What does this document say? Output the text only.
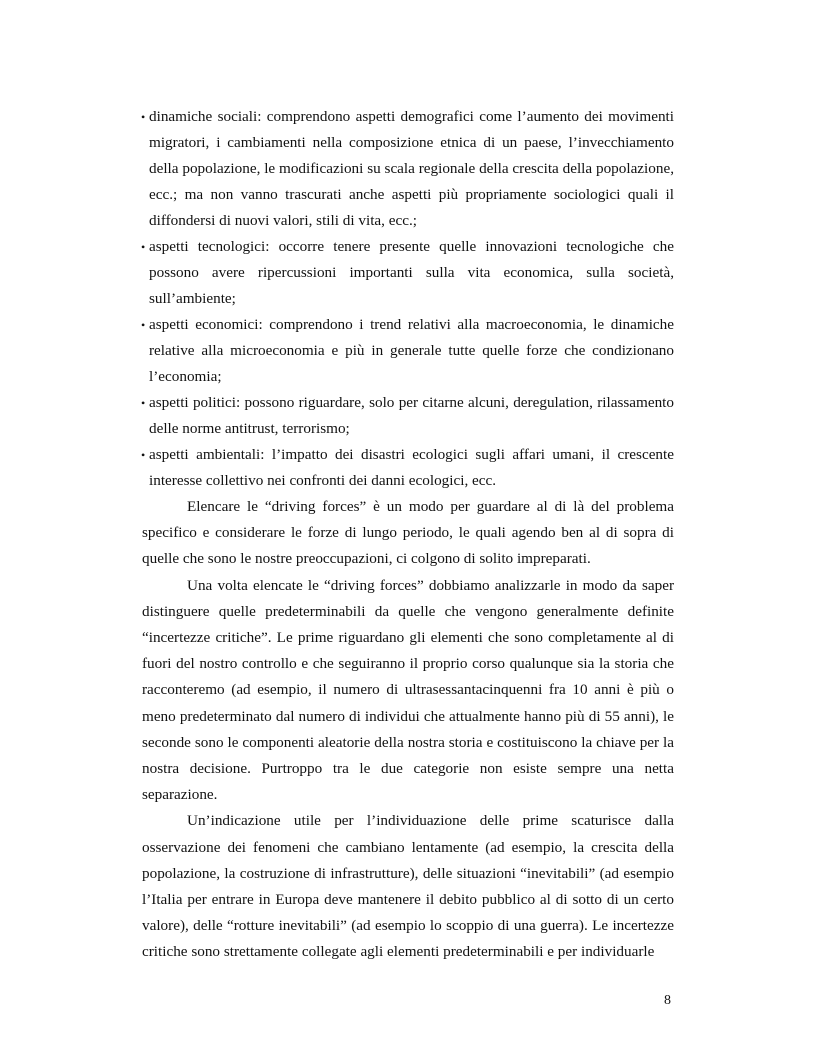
• dinamiche sociali: comprendono aspetti demografici come l’aumento dei movimenti migratori, i cambiamenti nella composizione etnica di un paese, l’invecchiamento della popolazione, le modificazioni su scala regionale della crescita della popolazione, ecc.; ma non vanno trascurati anche aspetti più propriamente sociologici quali il diffondersi di nuovi valori, stili di vita, ecc.;
• aspetti tecnologici: occorre tenere presente quelle innovazioni tecnologiche che possono avere ripercussioni importanti sulla vita economica, sulla società, sull’ambiente;
• aspetti economici: comprendono i trend relativi alla macroeconomia, le dinamiche relative alla microeconomia e più in generale tutte quelle forze che condizionano l’economia;
• aspetti politici: possono riguardare, solo per citarne alcuni, deregulation, rilassamento delle norme antitrust, terrorismo;
• aspetti ambientali: l’impatto dei disastri ecologici sugli affari umani, il crescente interesse collettivo nei confronti dei danni ecologici, ecc.

Elencare le “driving forces” è un modo per guardare al di là del problema specifico e considerare le forze di lungo periodo, le quali agendo ben al di sopra di quelle che sono le nostre preoccupazioni, ci colgono di solito impreparati.

Una volta elencate le “driving forces” dobbiamo analizzarle in modo da saper distinguere quelle predeterminabili da quelle che vengono generalmente definite “incertezze critiche”. Le prime riguardano gli elementi che sono completamente al di fuori del nostro controllo e che seguiranno il proprio corso qualunque sia la storia che racconteremo (ad esempio, il numero di ultrasessantacinquenni fra 10 anni è più o meno predeterminato dal numero di individui che attualmente hanno più di 55 anni), le seconde sono le componenti aleatorie della nostra storia e costituiscono la chiave per la nostra decisione. Purtroppo tra le due categorie non esiste sempre una netta separazione.

Un’indicazione utile per l’individuazione delle prime scaturisce dalla osservazione dei fenomeni che cambiano lentamente (ad esempio, la crescita della popolazione, la costruzione di infrastrutture), delle situazioni “inevitabili” (ad esempio l’Italia per entrare in Europa deve mantenere il debito pubblico al di sotto di un certo valore), delle “rotture inevitabili” (ad esempio lo scoppio di una guerra). Le incertezze critiche sono strettamente collegate agli elementi predeterminabili e per individuarle

8
